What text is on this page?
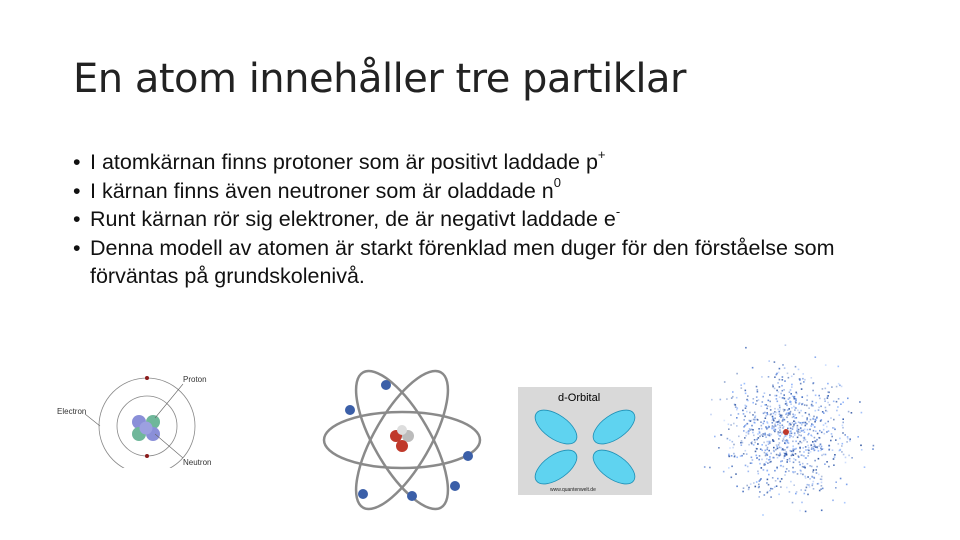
En atom innehåller tre partiklar
• I atomkärnan finns protoner som är positivt laddade p+
• I kärnan finns även neutroner som är oladdade $n^0$
• Runt kärnan rör sig elektroner, de är negativt laddade e-
• Denna modell av atomen är starkt förenklad men duger för den förståelse som förväntas på grundskolenivå.
Proton
Electron
Neutron
d-Orbital
www.quantenwelt.de
